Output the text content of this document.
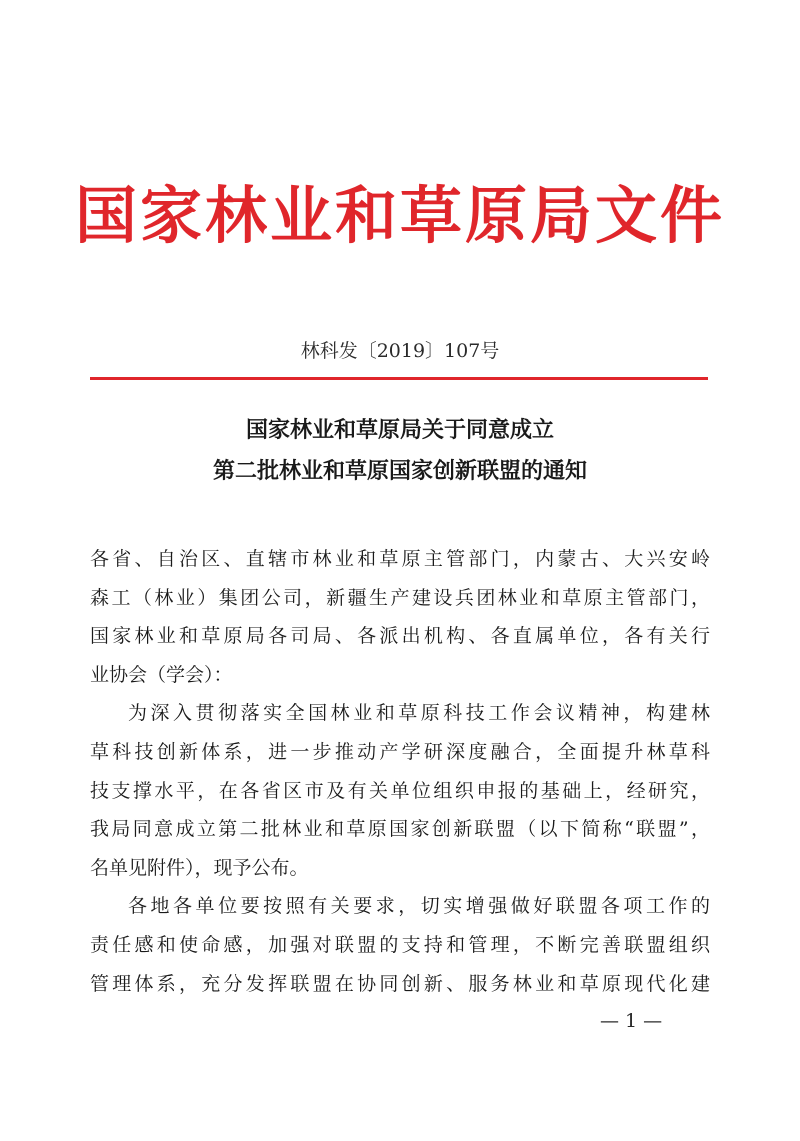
国家林业和草原局文件
林科发〔2019〕107号
国家林业和草原局关于同意成立
第二批林业和草原国家创新联盟的通知

各省、自治区、直辖市林业和草原主管部门，内蒙古、大兴安岭
森工（林业）集团公司，新疆生产建设兵团林业和草原主管部门，
国家林业和草原局各司局、各派出机构、各直属单位，各有关行
业协会（学会）：

为深入贯彻落实全国林业和草原科技工作会议精神，构建林
草科技创新体系，进一步推动产学研深度融合，全面提升林草科
技支撑水平，在各省区市及有关单位组织申报的基础上，经研究，
我局同意成立第二批林业和草原国家创新联盟（以下简称“联盟”，
名单见附件），现予公布。

各地各单位要按照有关要求，切实增强做好联盟各项工作的
责任感和使命感，加强对联盟的支持和管理，不断完善联盟组织
管理体系，充分发挥联盟在协同创新、服务林业和草原现代化建

— 1 —
